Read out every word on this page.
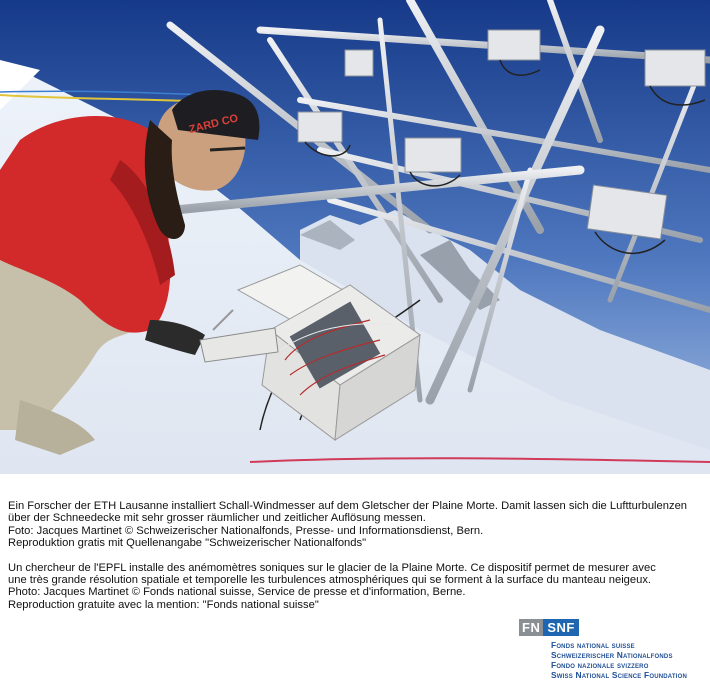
ZARD CO

Ein Forscher der ETH Lausanne installiert Schall-Windmesser auf dem Gletscher der Plaine Morte. Damit lassen sich die Luftturbulenzen

über der Schneedecke mit sehr grosser räumlicher und zeitlicher Auflösung messen.

Foto: Jacques Martinet © Schweizerischer Nationalfonds, Presse- und Informationsdienst, Bern.

Reproduktion gratis mit Quellenangabe "Schweizerischer Nationalfonds"

Un chercheur de l'EPFL installe des anémomètres soniques sur le glacier de la Plaine Morte. Ce dispositif permet de mesurer avec

une très grande résolution spatiale et temporelle les turbulences atmosphériques qui se forment à la surface du manteau neigeux.

Photo: Jacques Martinet © Fonds national suisse, Service de presse et d'information, Berne.

Reproduction gratuite avec la mention: "Fonds national suisse"

FN SNF
Fonds national suisse
Schweizerischer Nationalfonds
Fondo nazionale svizzero
Swiss National Science Foundation
